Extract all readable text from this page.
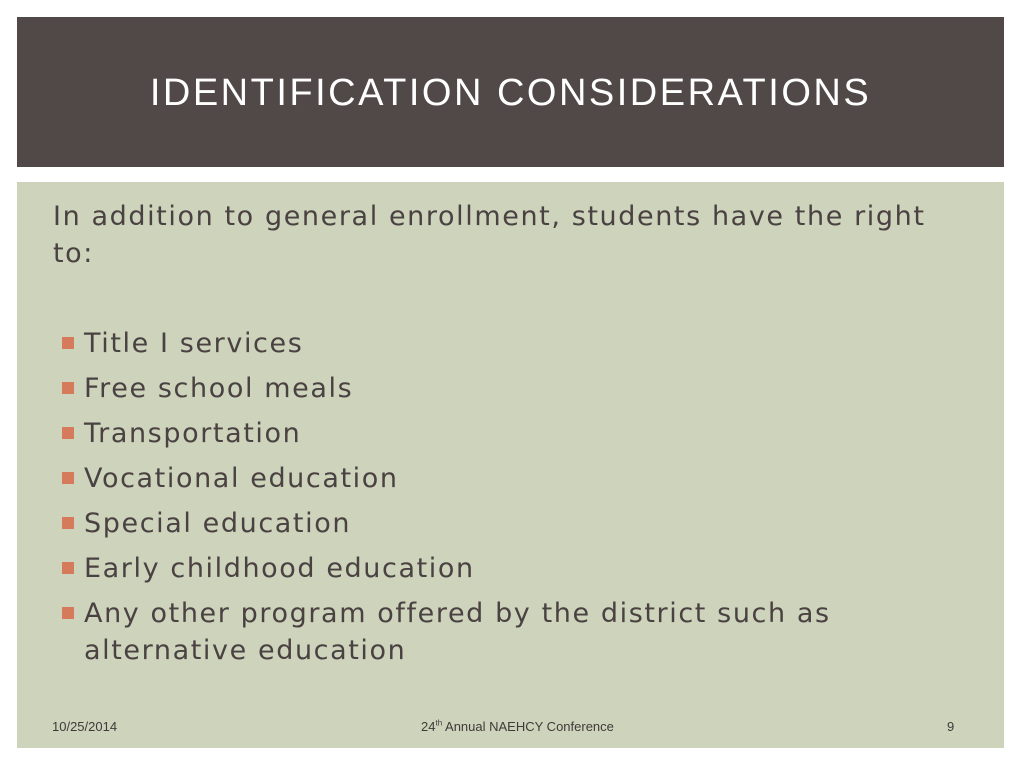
IDENTIFICATION CONSIDERATIONS
In addition to general enrollment, students have the right to:
Title I services
Free school meals
Transportation
Vocational education
Special education
Early childhood education
Any other program offered by the district such as alternative education
10/25/2014	24th Annual NAEHCY Conference	9
